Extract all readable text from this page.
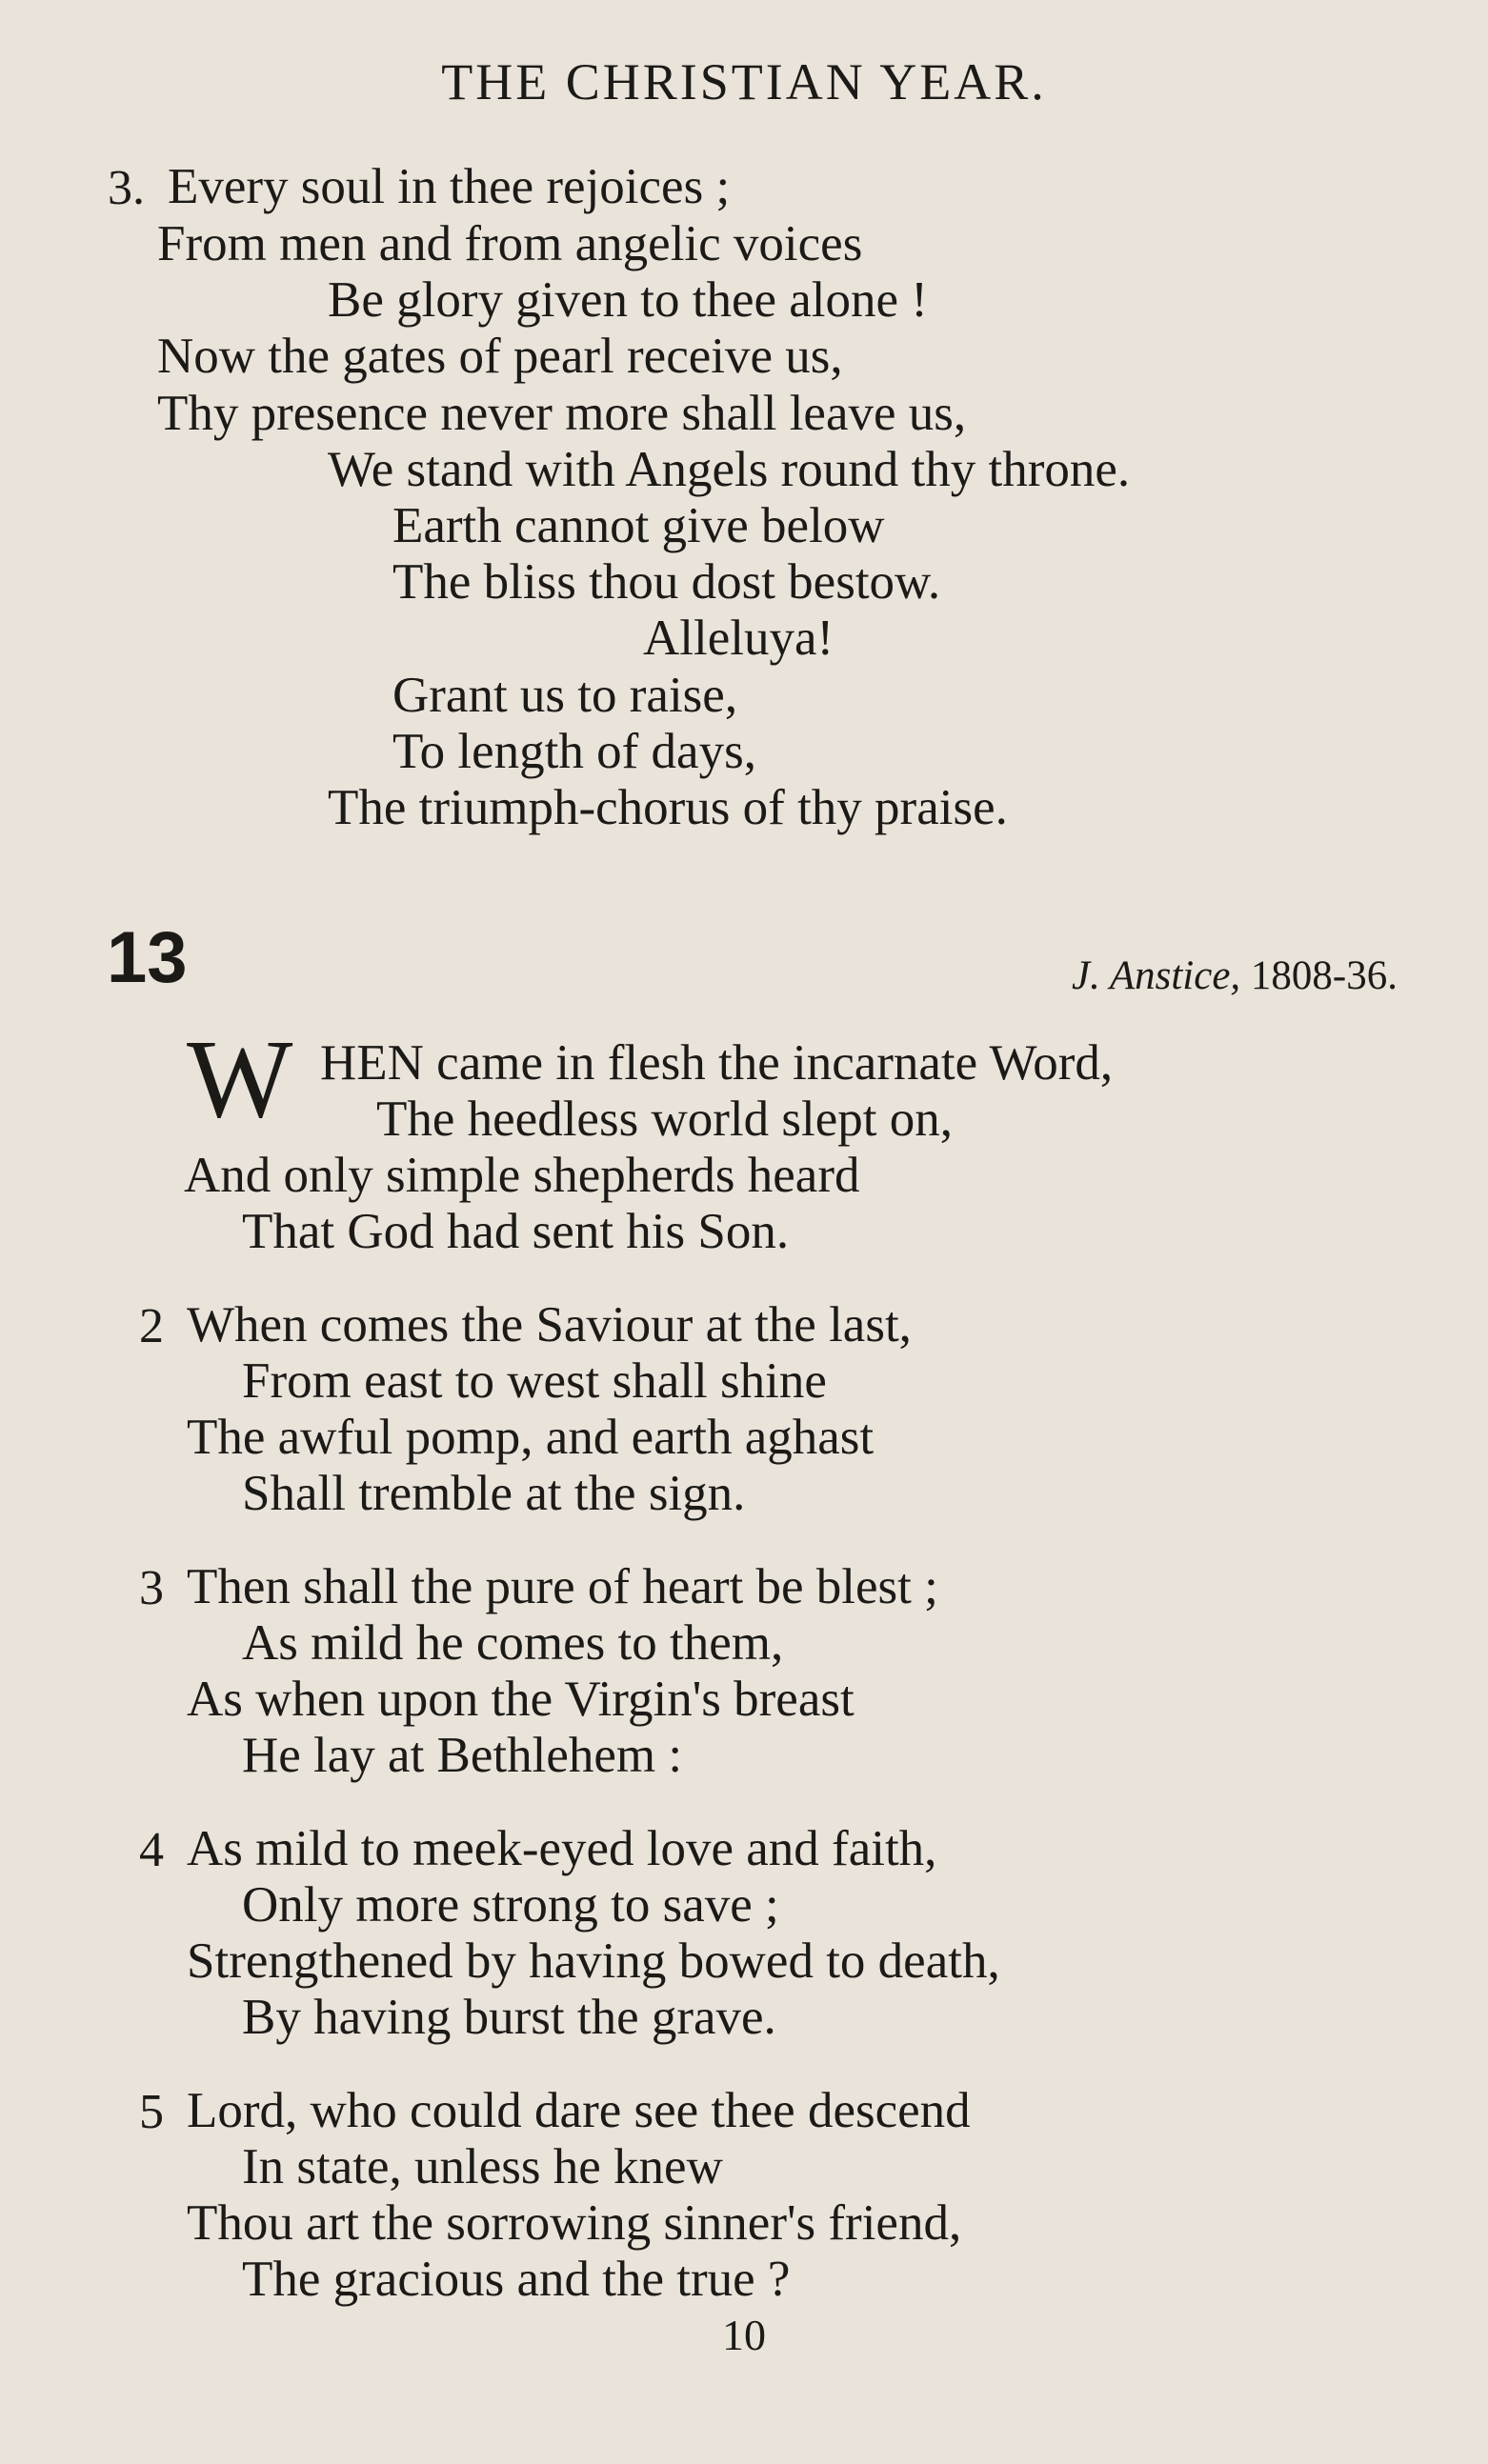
THE CHRISTIAN YEAR.
3. Every soul in thee rejoices ;
From men and from angelic voices
Be glory given to thee alone !
Now the gates of pearl receive us,
Thy presence never more shall leave us,
We stand with Angels round thy throne.
Earth cannot give below
The bliss thou dost bestow.
Alleluya!
Grant us to raise,
To length of days,
The triumph-chorus of thy praise.
13	J. Anstice, 1808-36.
W HEN came in flesh the incarnate Word,
The heedless world slept on,
And only simple shepherds heard
That God had sent his Son.
2 When comes the Saviour at the last,
From east to west shall shine
The awful pomp, and earth aghast
Shall tremble at the sign.
3 Then shall the pure of heart be blest ;
As mild he comes to them,
As when upon the Virgin's breast
He lay at Bethlehem :
4 As mild to meek-eyed love and faith,
Only more strong to save ;
Strengthened by having bowed to death,
By having burst the grave.
5 Lord, who could dare see thee descend
In state, unless he knew
Thou art the sorrowing sinner's friend,
The gracious and the true ?
10
